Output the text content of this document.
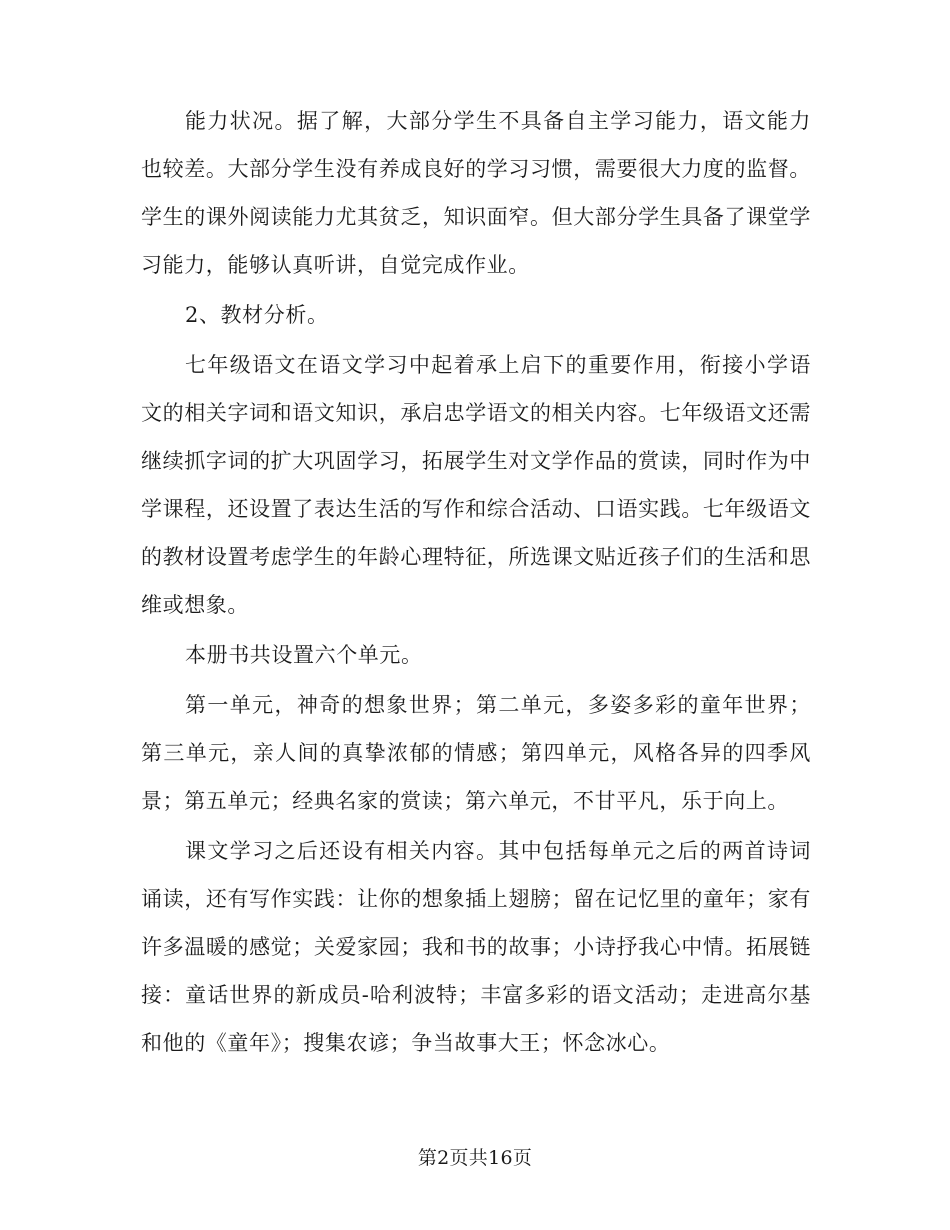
能力状况。据了解，大部分学生不具备自主学习能力，语文能力也较差。大部分学生没有养成良好的学习习惯，需要很大力度的监督。学生的课外阅读能力尤其贫乏，知识面窄。但大部分学生具备了课堂学习能力，能够认真听讲，自觉完成作业。

2、教材分析。

七年级语文在语文学习中起着承上启下的重要作用，衔接小学语文的相关字词和语文知识，承启忠学语文的相关内容。七年级语文还需继续抓字词的扩大巩固学习，拓展学生对文学作品的赏读，同时作为中学课程，还设置了表达生活的写作和综合活动、口语实践。七年级语文的教材设置考虑学生的年龄心理特征，所选课文贴近孩子们的生活和思维或想象。

本册书共设置六个单元。

第一单元，神奇的想象世界；第二单元，多姿多彩的童年世界；第三单元，亲人间的真挚浓郁的情感；第四单元，风格各异的四季风景；第五单元；经典名家的赏读；第六单元，不甘平凡，乐于向上。

课文学习之后还设有相关内容。其中包括每单元之后的两首诗词诵读，还有写作实践：让你的想象插上翅膀；留在记忆里的童年；家有许多温暖的感觉；关爱家园；我和书的故事；小诗抒我心中情。拓展链接：童话世界的新成员-哈利波特；丰富多彩的语文活动；走进高尔基和他的《童年》；搜集农谚；争当故事大王；怀念冰心。

第2页共16页
